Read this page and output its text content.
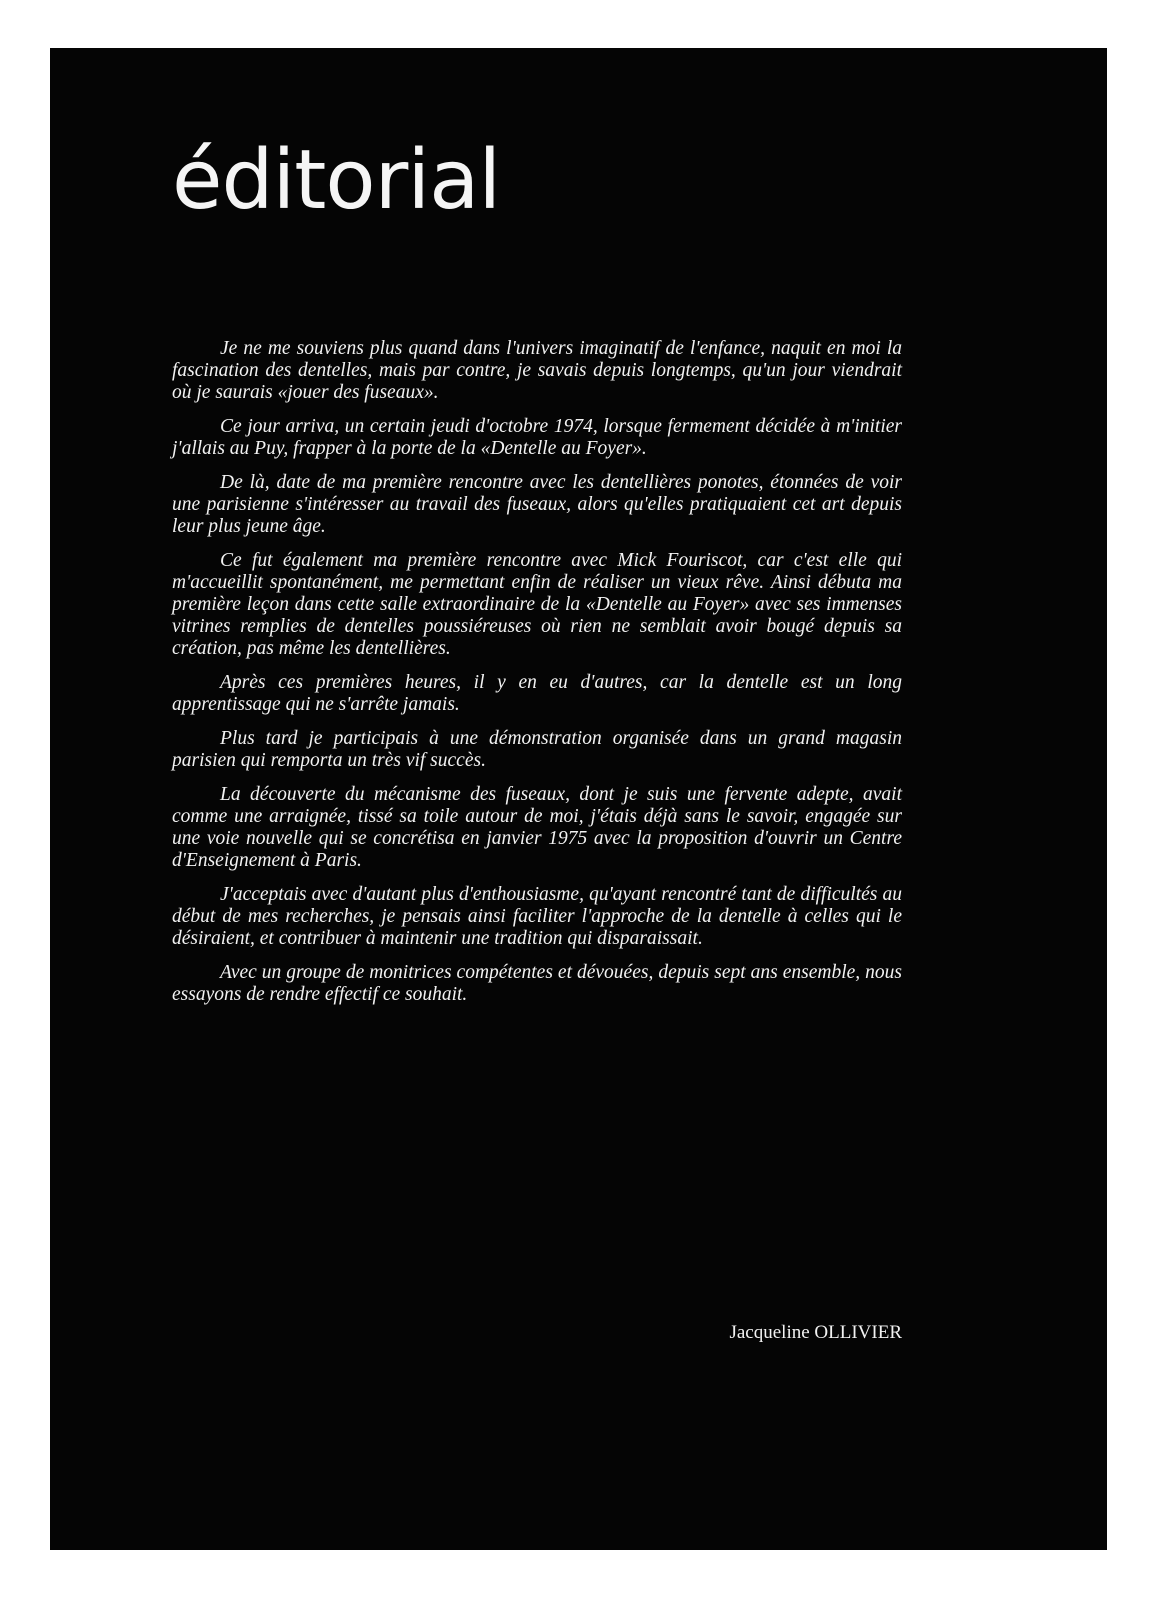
éditorial

Je ne me souviens plus quand dans l'univers imaginatif de l'enfance, naquit en moi la fascination des dentelles, mais par contre, je savais depuis longtemps, qu'un jour viendrait où je saurais «jouer des fuseaux».

Ce jour arriva, un certain jeudi d'octobre 1974, lorsque fermement décidée à m'initier j'allais au Puy, frapper à la porte de la «Dentelle au Foyer».

De là, date de ma première rencontre avec les dentellières ponotes, étonnées de voir une parisienne s'intéresser au travail des fuseaux, alors qu'elles pratiquaient cet art depuis leur plus jeune âge.

Ce fut également ma première rencontre avec Mick Fouriscot, car c'est elle qui m'accueillit spontanément, me permettant enfin de réaliser un vieux rêve. Ainsi débuta ma première leçon dans cette salle extraordinaire de la «Dentelle au Foyer» avec ses immenses vitrines remplies de dentelles poussiéreuses où rien ne semblait avoir bougé depuis sa création, pas même les dentellières.

Après ces premières heures, il y en eu d'autres, car la dentelle est un long apprentissage qui ne s'arrête jamais.

Plus tard je participais à une démonstration organisée dans un grand magasin parisien qui remporta un très vif succès.

La découverte du mécanisme des fuseaux, dont je suis une fervente adepte, avait comme une arraignée, tissé sa toile autour de moi, j'étais déjà sans le savoir, engagée sur une voie nouvelle qui se concrétisa en janvier 1975 avec la proposition d'ouvrir un Centre d'Enseignement à Paris.

J'acceptais avec d'autant plus d'enthousiasme, qu'ayant rencontré tant de difficultés au début de mes recherches, je pensais ainsi faciliter l'approche de la dentelle à celles qui le désiraient, et contribuer à maintenir une tradition qui disparaissait.

Avec un groupe de monitrices compétentes et dévouées, depuis sept ans ensemble, nous essayons de rendre effectif ce souhait.

Jacqueline OLLIVIER
